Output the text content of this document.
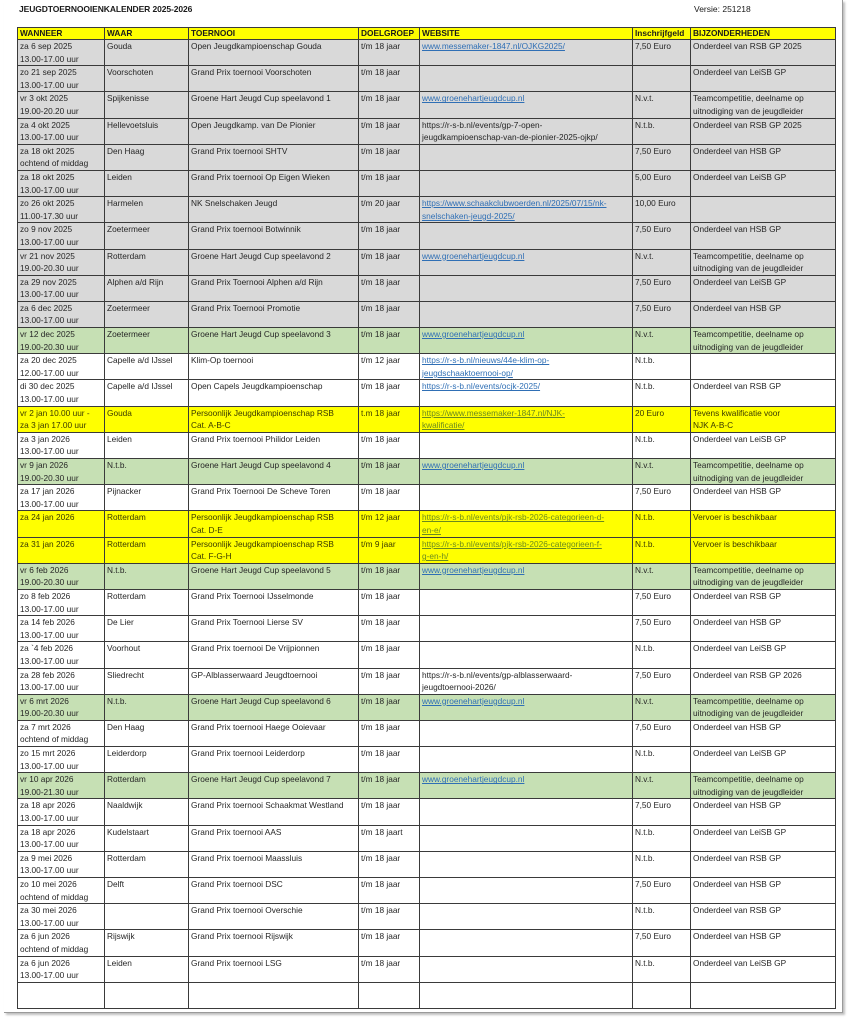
JEUGDTOERNOOIENKALENDER 2025-2026	Versie: 251218
WANNEER	WAAR	TOERNOOI	DOELGROEP	WEBSITE	Inschrijfgeld	BIJZONDERHEDEN

za 6 sep 2025
13.00-17.00 uur	Gouda	Open Jeugdkampioenschap Gouda	t/m 18 jaar	www.messemaker-1847.nl/OJKG2025/	7,50 Euro	Onderdeel van RSB GP 2025

zo 21 sep 2025
13.00-17.00 uur	Voorschoten	Grand Prix toernooi Voorschoten	t/m 18 jaar			Onderdeel van LeiSB GP

vr 3 okt 2025
19.00-20.20 uur	Spijkenisse	Groene Hart Jeugd Cup speelavond 1	t/m 18 jaar	www.groenehartjeugdcup.nl	N.v.t.	Teamcompetitie, deelname op
uitnodiging van de jeugdleider

za 4 okt 2025
13.00-17.00 uur	Hellevoetsluis	Open Jeugdkamp. van De Pionier	t/m 18 jaar	https://r-s-b.nl/events/gp-7-open-
jeugdkampioenschap-van-de-pionier-2025-ojkp/	N.t.b.	Onderdeel van RSB GP 2025

za 18 okt 2025
ochtend of middag	Den Haag	Grand Prix toernooi SHTV	t/m 18 jaar		7,50 Euro	Onderdeel van HSB GP

za 18 okt 2025
13.00-17.00 uur	Leiden	Grand Prix toernooi Op Eigen Wieken	t/m 18 jaar		5,00 Euro	Onderdeel van LeiSB GP

zo 26 okt 2025
11.00-17.30 uur	Harmelen	NK Snelschaken Jeugd	t/m 20 jaar	https://www.schaakclubwoerden.nl/2025/07/15/nk-
snelschaken-jeugd-2025/	10,00 Euro	

zo 9 nov 2025
13.00-17.00 uur	Zoetermeer	Grand Prix toernooi Botwinnik	t/m 18 jaar		7,50 Euro	Onderdeel van HSB GP

vr 21 nov 2025
19.00-20.30 uur	Rotterdam	Groene Hart Jeugd Cup speelavond 2	t/m 18 jaar	www.groenehartjeugdcup.nl	N.v.t.	Teamcompetitie, deelname op
uitnodiging van de jeugdleider

za 29 nov 2025
13.00-17.00 uur	Alphen a/d Rijn	Grand Prix Toernooi Alphen a/d Rijn	t/m 18 jaar		7,50 Euro	Onderdeel van LeiSB GP

za 6 dec 2025
13.00-17.00 uur	Zoetermeer	Grand Prix Toernooi Promotie	t/m 18 jaar		7,50 Euro	Onderdeel van HSB GP

vr 12 dec 2025
19.00-20.30 uur	Zoetermeer	Groene Hart Jeugd Cup speelavond 3	t/m 18 jaar	www.groenehartjeugdcup.nl	N.v.t.	Teamcompetitie, deelname op
uitnodiging van de jeugdleider

za 20 dec 2025
12.00-17.00 uur	Capelle a/d IJssel	Klim-Op toernooi	t/m 12 jaar	https://r-s-b.nl/nieuws/44e-klim-op-
jeugdschaaktoernooi-op/	N.t.b.	

di 30 dec 2025
13.00-17.00 uur	Capelle a/d IJssel	Open Capels Jeugdkampioenschap	t/m 18 jaar	https://r-s-b.nl/events/ocjk-2025/	N.t.b.	Onderdeel van RSB GP

vr 2 jan 10.00 uur -
za 3 jan 17.00 uur	Gouda	Persoonlijk Jeugdkampioenschap RSB
Cat. A-B-C	t.m 18 jaar	https://www.messemaker-1847.nl/NJK-
kwalificatie/	20 Euro	Tevens kwalificatie voor
NJK A-B-C

za 3 jan 2026
13.00-17.00 uur	Leiden	Grand Prix toernooi Philidor Leiden	t/m 18 jaar		N.t.b.	Onderdeel van LeiSB GP

vr 9 jan 2026
19.00-20.30 uur	N.t.b.	Groene Hart Jeugd Cup speelavond 4	t/m 18 jaar	www.groenehartjeugdcup.nl	N.v.t.	Teamcompetitie, deelname op
uitnodiging van de jeugdleider

za 17 jan 2026
13.00-17.00 uur	Pijnacker	Grand Prix Toernooi De Scheve Toren	t/m 18 jaar		7,50 Euro	Onderdeel van HSB GP

za 24 jan 2026	Rotterdam	Persoonlijk Jeugdkampioenschap RSB
Cat. D-E	t/m 12 jaar	https://r-s-b.nl/events/pjk-rsb-2026-categorieen-d-
en-e/	N.t.b.	Vervoer is beschikbaar

za 31 jan 2026	Rotterdam	Persoonlijk Jeugdkampioenschap RSB
Cat. F-G-H	t/m 9 jaar	https://r-s-b.nl/events/pjk-rsb-2026-categorieen-f-
g-en-h/	N.t.b.	Vervoer is beschikbaar

vr 6 feb 2026
19.00-20.30 uur	N.t.b.	Groene Hart Jeugd Cup speelavond 5	t/m 18 jaar	www.groenehartjeugdcup.nl	N.v.t.	Teamcompetitie, deelname op
uitnodiging van de jeugdleider

zo 8 feb 2026
13.00-17.00 uur	Rotterdam	Grand Prix Toernooi IJsselmonde	t/m 18 jaar		7,50 Euro	Onderdeel van RSB GP

za 14 feb 2026
13.00-17.00 uur	De Lier	Grand Prix Toernooi Lierse SV	t/m 18 jaar		7,50 Euro	Onderdeel van HSB GP

za `4 feb 2026
13.00-17.00 uur	Voorhout	Grand Prix toernooi De Vrijpionnen	t/m 18 jaar		N.t.b.	Onderdeel van LeiSB GP

za 28 feb 2026
13.00-17.00 uur	Sliedrecht	GP-Alblasserwaard Jeugdtoernooi	t/m 18 jaar	https://r-s-b.nl/events/gp-alblasserwaard-
jeugdtoernooi-2026/	7,50 Euro	Onderdeel van RSB GP 2026

vr 6 mrt 2026
19.00-20.30 uur	N.t.b.	Groene Hart Jeugd Cup speelavond 6	t/m 18 jaar	www.groenehartjeugdcup.nl	N.v.t.	Teamcompetitie, deelname op
uitnodiging van de jeugdleider

za 7 mrt 2026
ochtend of middag	Den Haag	Grand Prix toernooi Haege Ooievaar	t/m 18 jaar		7,50 Euro	Onderdeel van HSB GP

zo 15 mrt 2026
13.00-17.00 uur	Leiderdorp	Grand Prix toernooi Leiderdorp	t/m 18 jaar		N.t.b.	Onderdeel van LeiSB GP

vr 10 apr 2026
19.00-21.30 uur	Rotterdam	Groene Hart Jeugd Cup speelavond 7	t/m 18 jaar	www.groenehartjeugdcup.nl	N.v.t.	Teamcompetitie, deelname op
uitnodiging van de jeugdleider

za 18 apr 2026
13.00-17.00 uur	Naaldwijk	Grand Prix toernooi Schaakmat Westland	t/m 18 jaar		7,50 Euro	Onderdeel van HSB GP

za 18 apr 2026
13.00-17.00 uur	Kudelstaart	Grand Prix toernooi AAS	t/m 18 jaart		N.t.b.	Onderdeel van LeiSB GP

za 9 mei 2026
13.00-17.00 uur	Rotterdam	Grand Prix toernooi Maassluis	t/m 18 jaar		N.t.b.	Onderdeel van RSB GP

zo 10 mei 2026
ochtend of middag	Delft	Grand Prix toernooi DSC	t/m 18 jaar		7,50 Euro	Onderdeel van HSB GP

za 30 mei 2026
13.00-17.00 uur		Grand Prix toernooi Overschie	t/m 18 jaar		N.t.b.	Onderdeel van RSB GP

za 6 jun 2026
ochtend of middag	Rijswijk	Grand Prix toernooi Rijswijk	t/m 18 jaar		7,50 Euro	Onderdeel van HSB GP

za 6 jun 2026
13.00-17.00 uur	Leiden	Grand Prix toernooi LSG	t/m 18 jaar		N.t.b.	Onderdeel van LeiSB GP
